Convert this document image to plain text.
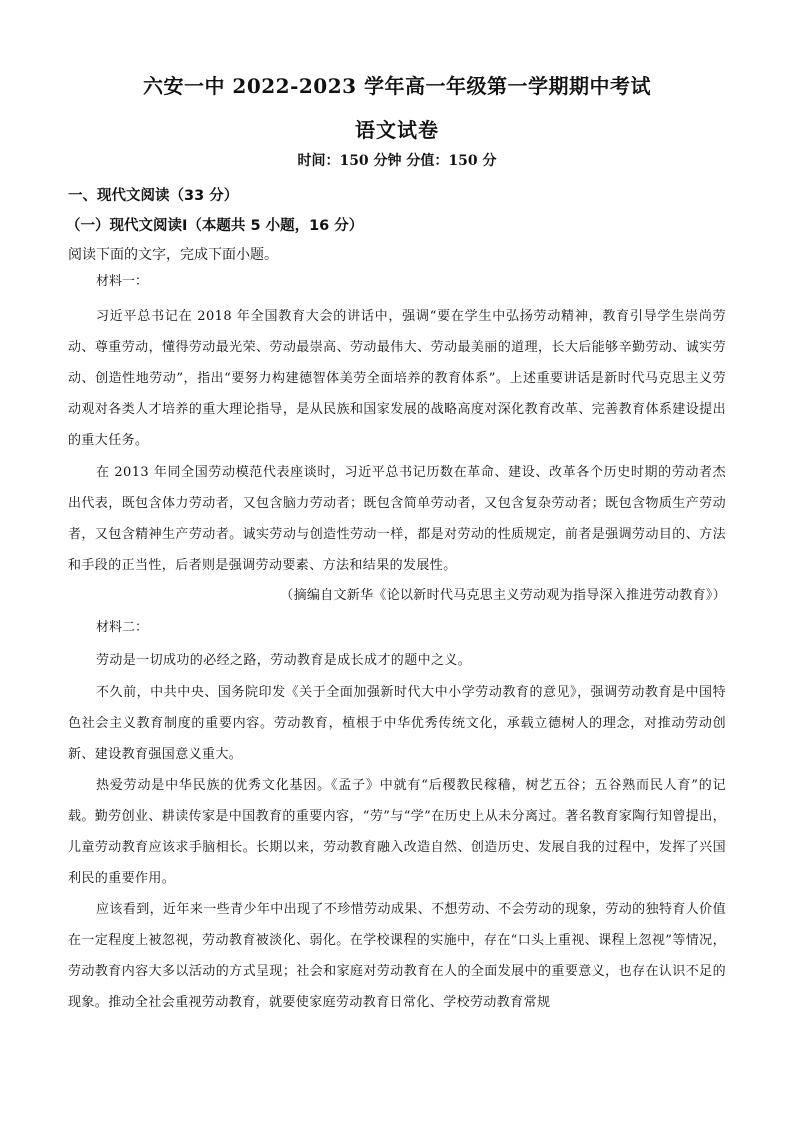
六安一中 2022-2023 学年高一年级第一学期期中考试
语文试卷
时间：150 分钟 分值：150 分
一、现代文阅读（33 分）
（一）现代文阅读Ⅰ（本题共 5 小题，16 分）
阅读下面的文字，完成下面小题。
材料一：
习近平总书记在 2018 年全国教育大会的讲话中，强调“要在学生中弘扬劳动精神，教育引导学生崇尚劳动、尊重劳动，懂得劳动最光荣、劳动最崇高、劳动最伟大、劳动最美丽的道理，长大后能够辛勤劳动、诚实劳动、创造性地劳动”，指出“要努力构建德智体美劳全面培养的教育体系”。上述重要讲话是新时代马克思主义劳动观对各类人才培养的重大理论指导，是从民族和国家发展的战略高度对深化教育改革、完善教育体系建设提出的重大任务。
在 2013 年同全国劳动模范代表座谈时，习近平总书记历数在革命、建设、改革各个历史时期的劳动者杰出代表，既包含体力劳动者，又包含脑力劳动者；既包含简单劳动者，又包含复杂劳动者；既包含物质生产劳动者，又包含精神生产劳动者。诚实劳动与创造性劳动一样，都是对劳动的性质规定，前者是强调劳动目的、方法和手段的正当性，后者则是强调劳动要素、方法和结果的发展性。
（摘编自文新华《论以新时代马克思主义劳动观为指导深入推进劳动教育》）
材料二：
劳动是一切成功的必经之路，劳动教育是成长成才的题中之义。
不久前，中共中央、国务院印发《关于全面加强新时代大中小学劳动教育的意见》，强调劳动教育是中国特色社会主义教育制度的重要内容。劳动教育，植根于中华优秀传统文化，承载立德树人的理念，对推动劳动创新、建设教育强国意义重大。
热爱劳动是中华民族的优秀文化基因。《孟子》中就有“后稷教民稼穑，树艺五谷；五谷熟而民人育”的记载。勤劳创业、耕读传家是中国教育的重要内容，“劳”与“学”在历史上从未分离过。著名教育家陶行知曾提出，儿童劳动教育应该求手脑相长。长期以来，劳动教育融入改造自然、创造历史、发展自我的过程中，发挥了兴国利民的重要作用。
应该看到，近年来一些青少年中出现了不珍惜劳动成果、不想劳动、不会劳动的现象，劳动的独特育人价值在一定程度上被忽视，劳动教育被淡化、弱化。在学校课程的实施中，存在“口头上重视、课程上忽视”等情况，劳动教育内容大多以活动的方式呈现；社会和家庭对劳动教育在人的全面发展中的重要意义，也存在认识不足的现象。推动全社会重视劳动教育，就要使家庭劳动教育日常化、学校劳动教育常规
